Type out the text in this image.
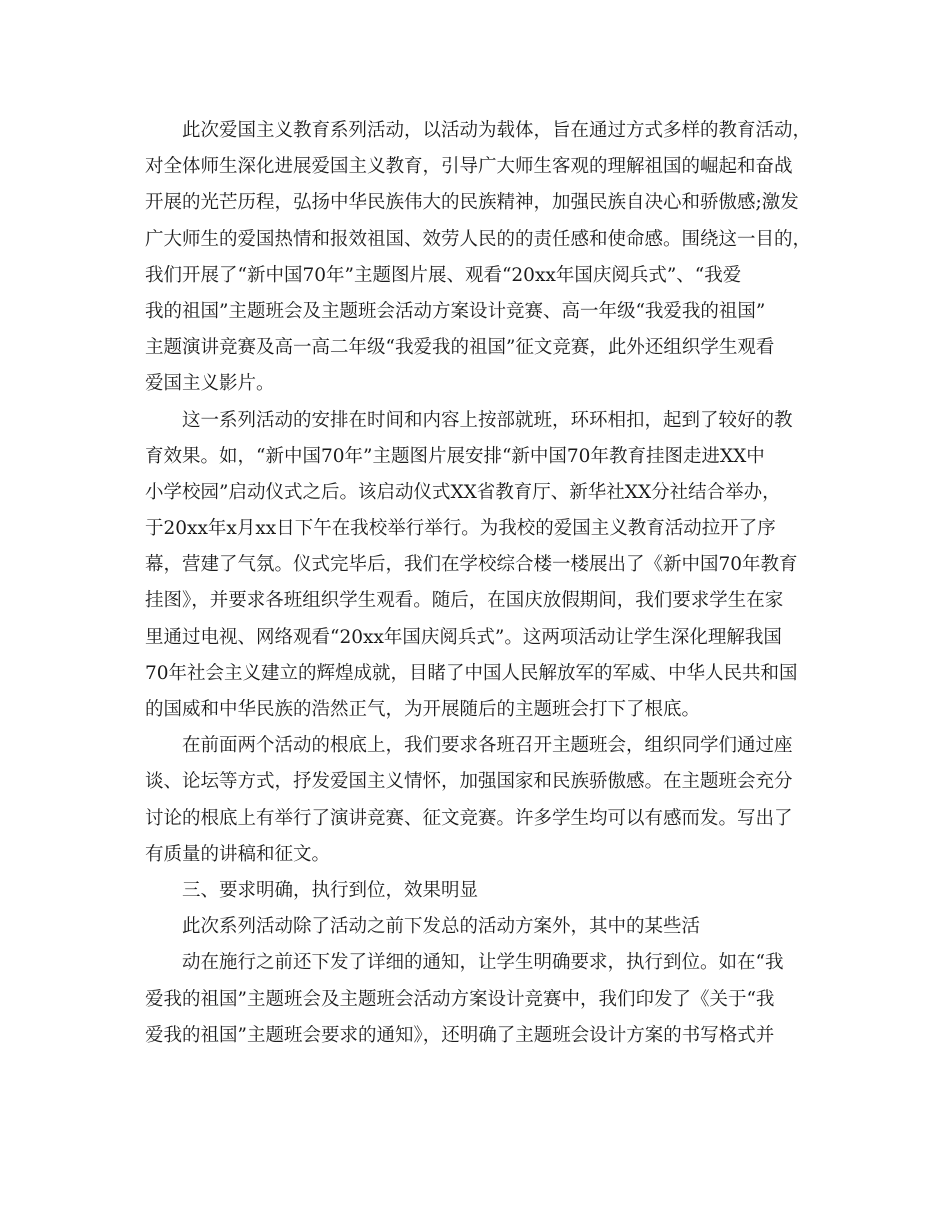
此次爱国主义教育系列活动，以活动为载体，旨在通过方式多样的教育活动，
对全体师生深化进展爱国主义教育，引导广大师生客观的理解祖国的崛起和奋战
开展的光芒历程，弘扬中华民族伟大的民族精神，加强民族自决心和骄傲感;激发
广大师生的爱国热情和报效祖国、效劳人民的的责任感和使命感。围绕这一目的，
我们开展了“新中国70年”主题图片展、观看“20xx年国庆阅兵式”、“我爱
我的祖国”主题班会及主题班会活动方案设计竞赛、高一年级“我爱我的祖国”
主题演讲竞赛及高一高二年级“我爱我的祖国”征文竞赛，此外还组织学生观看
爱国主义影片。
这一系列活动的安排在时间和内容上按部就班，环环相扣，起到了较好的教
育效果。如，“新中国70年”主题图片展安排“新中国70年教育挂图走进XX中
小学校园”启动仪式之后。该启动仪式XX省教育厅、新华社XX分社结合举办，
于20xx年x月xx日下午在我校举行举行。为我校的爱国主义教育活动拉开了序
幕，营建了气氛。仪式完毕后，我们在学校综合楼一楼展出了《新中国70年教育
挂图》，并要求各班组织学生观看。随后，在国庆放假期间，我们要求学生在家
里通过电视、网络观看“20xx年国庆阅兵式”。这两项活动让学生深化理解我国
70年社会主义建立的辉煌成就，目睹了中国人民解放军的军威、中华人民共和国
的国威和中华民族的浩然正气，为开展随后的主题班会打下了根底。
在前面两个活动的根底上，我们要求各班召开主题班会，组织同学们通过座
谈、论坛等方式，抒发爱国主义情怀，加强国家和民族骄傲感。在主题班会充分
讨论的根底上有举行了演讲竞赛、征文竞赛。许多学生均可以有感而发。写出了
有质量的讲稿和征文。
三、要求明确，执行到位，效果明显
此次系列活动除了活动之前下发总的活动方案外，其中的某些活
动在施行之前还下发了详细的通知，让学生明确要求，执行到位。如在“我
爱我的祖国”主题班会及主题班会活动方案设计竞赛中，我们印发了《关于“我
爱我的祖国”主题班会要求的通知》，还明确了主题班会设计方案的书写格式并
